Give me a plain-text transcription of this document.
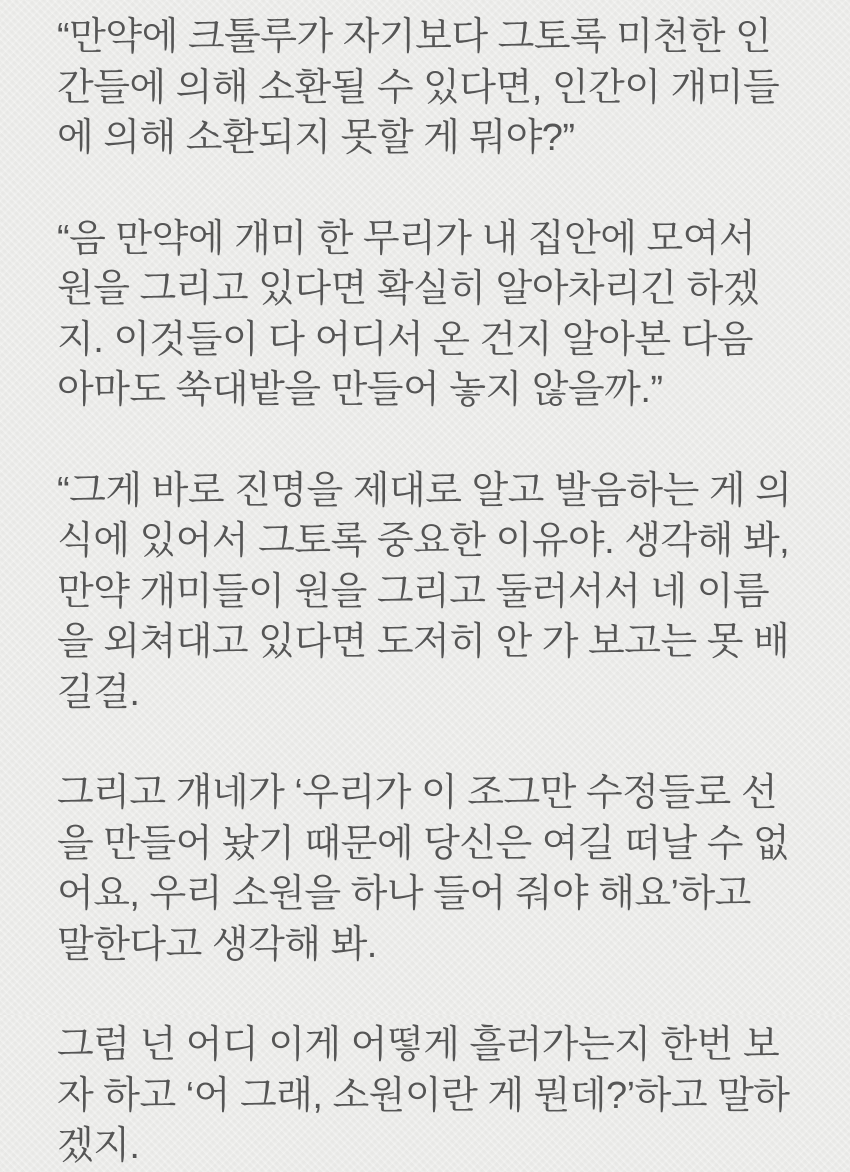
“만약에 크툴루가 자기보다 그토록 미천한 인간들에 의해 소환될 수 있다면, 인간이 개미들에 의해 소환되지 못할 게 뭐야?”

“음 만약에 개미 한 무리가 내 집안에 모여서 원을 그리고 있다면 확실히 알아차리긴 하겠지. 이것들이 다 어디서 온 건지 알아본 다음 아마도 쑥대밭을 만들어 놓지 않을까.”

“그게 바로 진명을 제대로 알고 발음하는 게 의식에 있어서 그토록 중요한 이유야. 생각해 봐, 만약 개미들이 원을 그리고 둘러서서 네 이름을 외쳐대고 있다면 도저히 안 가 보고는 못 배길걸.

그리고 걔네가 ‘우리가 이 조그만 수정들로 선을 만들어 놨기 때문에 당신은 여길 떠날 수 없어요, 우리 소원을 하나 들어 줘야 해요’하고 말한다고 생각해 봐.

그럼 넌 어디 이게 어떻게 흘러가는지 한번 보자 하고 ‘어 그래, 소원이란 게 뭔데?’하고 말하겠지.
